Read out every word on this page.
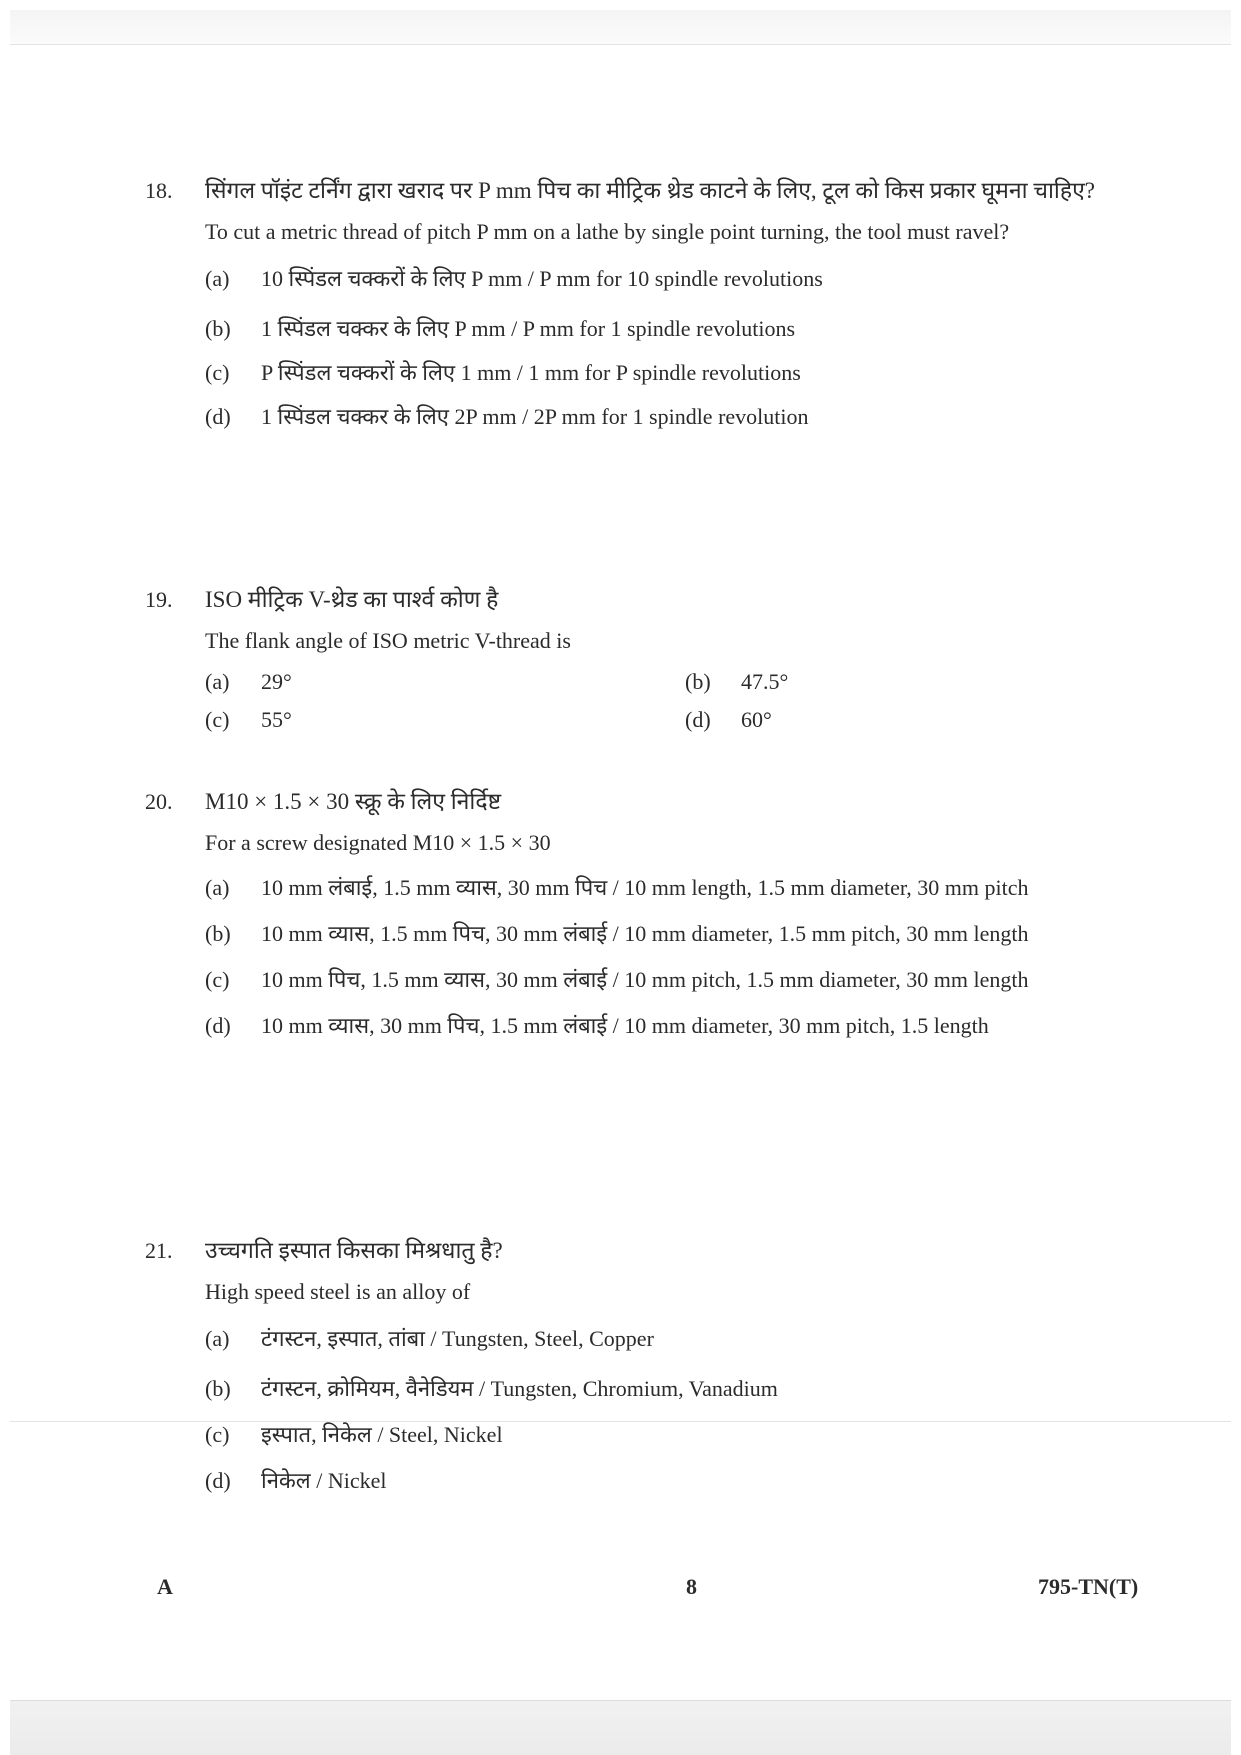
18. सिंगल पॉइंट टर्निंग द्वारा खराद पर P mm पिच का मीट्रिक थ्रेड काटने के लिए, टूल को किस प्रकार घूमना चाहिए?
To cut a metric thread of pitch P mm on a lathe by single point turning, the tool must ravel?
(a) 10 स्पिंडल चक्करों के लिए P mm / P mm for 10 spindle revolutions
(b) 1 स्पिंडल चक्कर के लिए P mm / P mm for 1 spindle revolutions
(c) P स्पिंडल चक्करों के लिए 1 mm / 1 mm for P spindle revolutions
(d) 1 स्पिंडल चक्कर के लिए 2P mm / 2P mm for 1 spindle revolution
19. ISO मीट्रिक V-थ्रेड का पार्श्व कोण है
The flank angle of ISO metric V-thread is
(a) 29°	(b) 47.5°
(c) 55°	(d) 60°
20. M10 × 1.5 × 30 स्क्रू के लिए निर्दिष्ट
For a screw designated M10 × 1.5 × 30
(a) 10 mm लंबाई, 1.5 mm व्यास, 30 mm पिच / 10 mm length, 1.5 mm diameter, 30 mm pitch
(b) 10 mm व्यास, 1.5 mm पिच, 30 mm लंबाई / 10 mm diameter, 1.5 mm pitch, 30 mm length
(c) 10 mm पिच, 1.5 mm व्यास, 30 mm लंबाई / 10 mm pitch, 1.5 mm diameter, 30 mm length
(d) 10 mm व्यास, 30 mm पिच, 1.5 mm लंबाई / 10 mm diameter, 30 mm pitch, 1.5 length
21. उच्चगति इस्पात किसका मिश्रधातु है?
High speed steel is an alloy of
(a) टंगस्टन, इस्पात, तांबा / Tungsten, Steel, Copper
(b) टंगस्टन, क्रोमियम, वैनेडियम / Tungsten, Chromium, Vanadium
(c) इस्पात, निकेल / Steel, Nickel
(d) निकेल / Nickel
A	8	795-TN(T)
